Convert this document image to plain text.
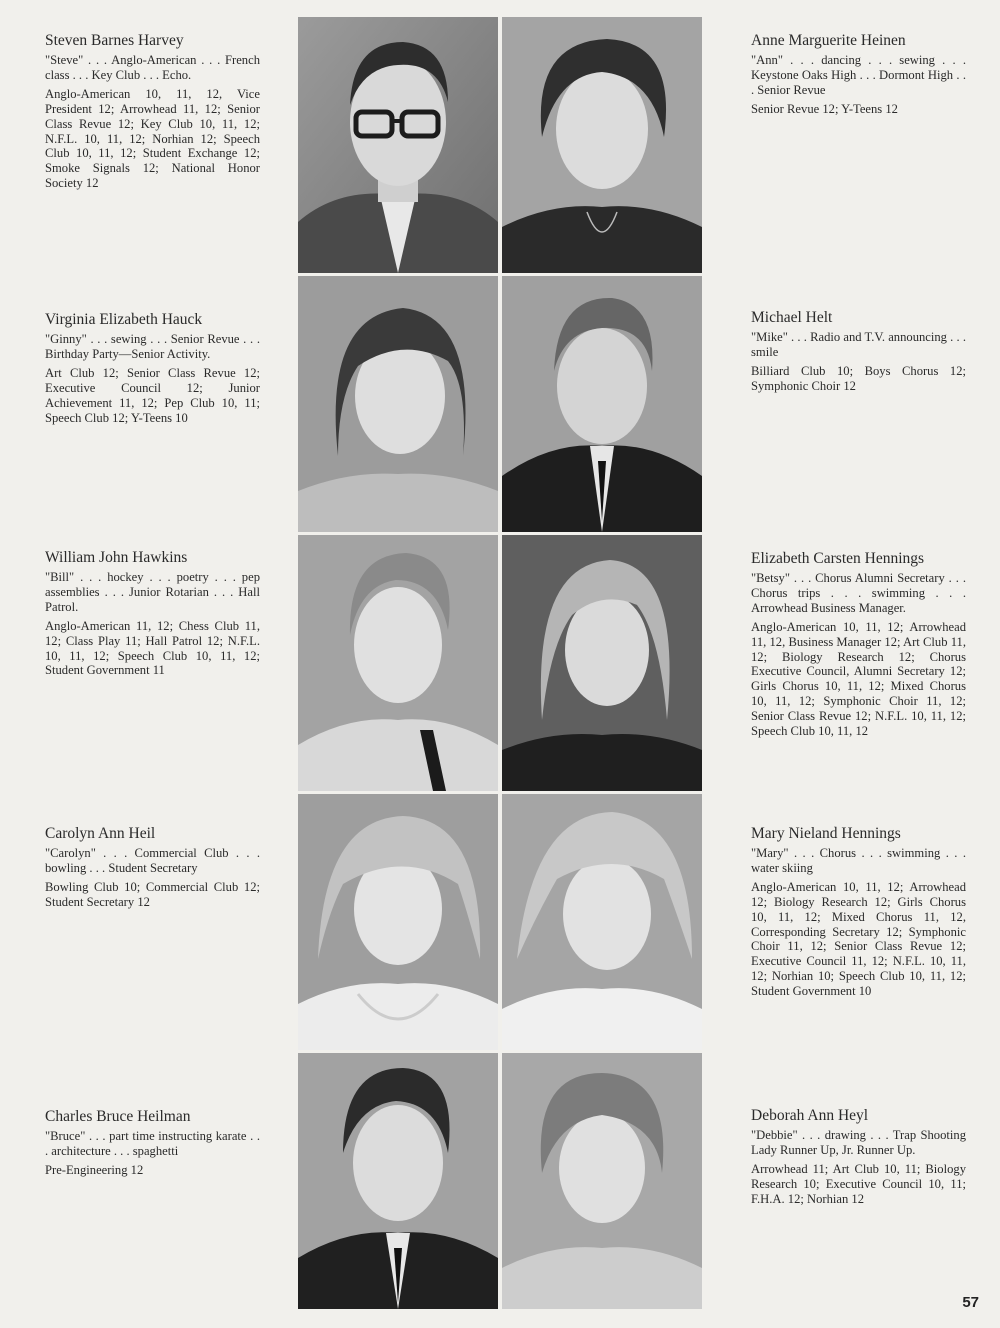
Steven Barnes Harvey
"Steve" . . . Anglo-American . . . French class . . . Key Club . . . Echo.
Anglo-American 10, 11, 12, Vice President 12; Arrowhead 11, 12; Senior Class Revue 12; Key Club 10, 11, 12; N.F.L. 10, 11, 12; Norhian 12; Speech Club 10, 11, 12; Student Exchange 12; Smoke Signals 12; National Honor Society 12
Anne Marguerite Heinen
"Ann" . . . dancing . . . sewing . . . Keystone Oaks High . . . Dormont High . . . Senior Revue
Senior Revue 12; Y-Teens 12
Virginia Elizabeth Hauck
"Ginny" . . . sewing . . . Senior Revue . . . Birthday Party—Senior Activity.
Art Club 12; Senior Class Revue 12; Executive Council 12; Junior Achievement 11, 12; Pep Club 10, 11; Speech Club 12; Y-Teens 10
Michael Helt
"Mike" . . . Radio and T.V. announcing . . . smile
Billiard Club 10; Boys Chorus 12; Symphonic Choir 12
William John Hawkins
"Bill" . . . hockey . . . poetry . . . pep assemblies . . . Junior Rotarian . . . Hall Patrol.
Anglo-American 11, 12; Chess Club 11, 12; Class Play 11; Hall Patrol 12; N.F.L. 10, 11, 12; Speech Club 10, 11, 12; Student Government 11
Elizabeth Carsten Hennings
"Betsy" . . . Chorus Alumni Secretary . . . Chorus trips . . . swimming . . . Arrowhead Business Manager.
Anglo-American 10, 11, 12; Arrowhead 11, 12, Business Manager 12; Art Club 11, 12; Biology Research 12; Chorus Executive Council, Alumni Secretary 12; Girls Chorus 10, 11, 12; Mixed Chorus 10, 11, 12; Symphonic Choir 11, 12; Senior Class Revue 12; N.F.L. 10, 11, 12; Speech Club 10, 11, 12
Carolyn Ann Heil
"Carolyn" . . . Commercial Club . . . bowling . . . Student Secretary
Bowling Club 10; Commercial Club 12; Student Secretary 12
Mary Nieland Hennings
"Mary" . . . Chorus . . . swimming . . . water skiing
Anglo-American 10, 11, 12; Arrowhead 12; Biology Research 12; Girls Chorus 10, 11, 12; Mixed Chorus 11, 12, Corresponding Secretary 12; Symphonic Choir 11, 12; Senior Class Revue 12; Executive Council 11, 12; N.F.L. 10, 11, 12; Norhian 10; Speech Club 10, 11, 12; Student Government 10
Charles Bruce Heilman
"Bruce" . . . part time instructing karate . . . architecture . . . spaghetti
Pre-Engineering 12
Deborah Ann Heyl
"Debbie" . . . drawing . . . Trap Shooting Lady Runner Up, Jr. Runner Up.
Arrowhead 11; Art Club 10, 11; Biology Research 10; Executive Council 10, 11; F.H.A. 12; Norhian 12
57
